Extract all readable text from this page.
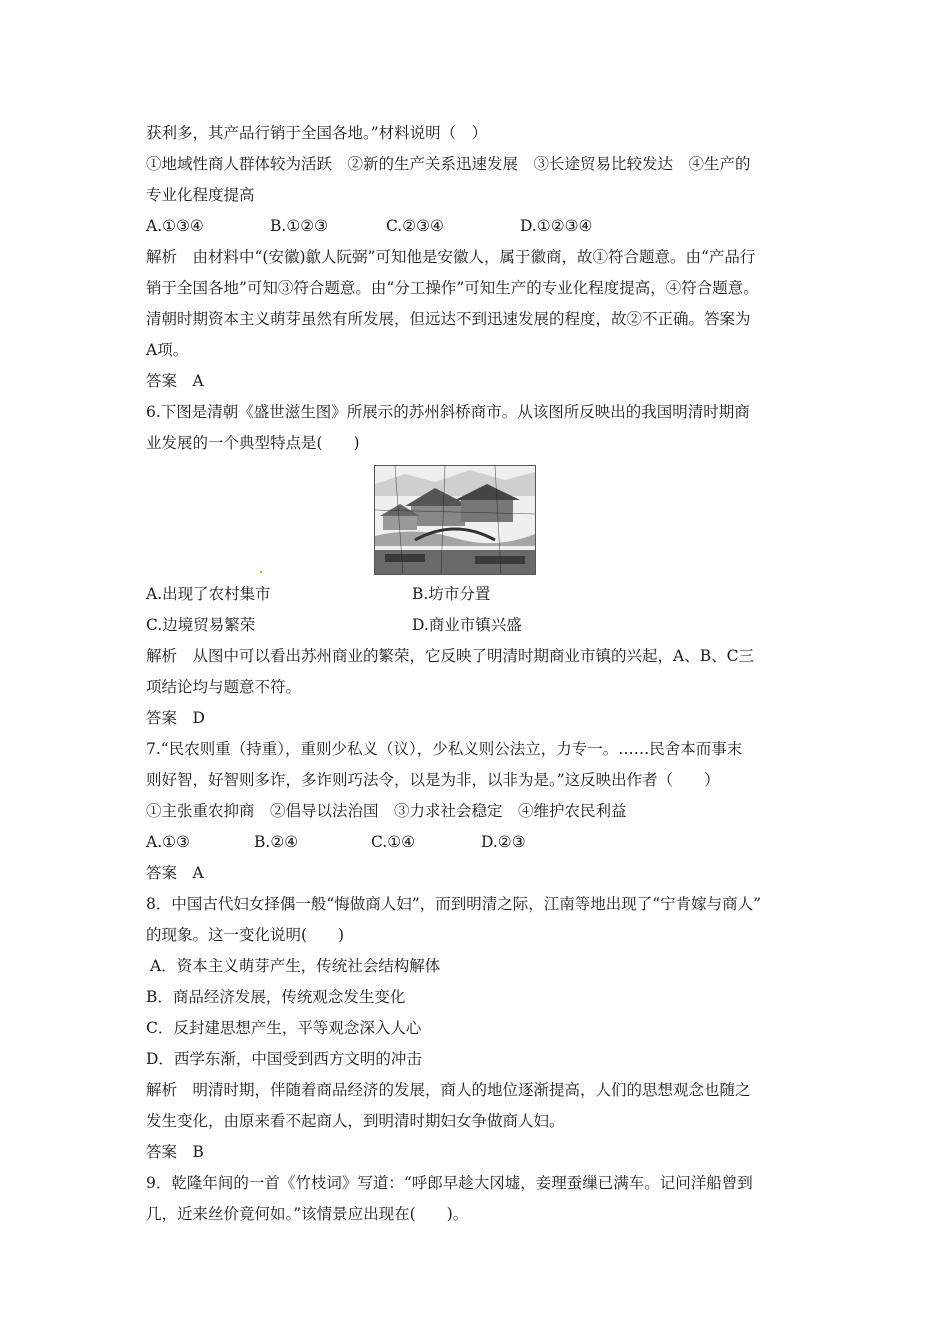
获利多，其产品行销于全国各地。”材料说明（　）
①地域性商人群体较为活跃　②新的生产关系迅速发展　③长途贸易比较发达　④生产的
专业化程度提高
A.①③④	B.①②③	C.②③④	D.①②③④
解析　由材料中“(安徽)歙人阮弼”可知他是安徽人，属于徽商，故①符合题意。由“产品行
销于全国各地”可知③符合题意。由“分工操作”可知生产的专业化程度提高，④符合题意。
清朝时期资本主义萌芽虽然有所发展，但远达不到迅速发展的程度，故②不正确。答案为
A项。
答案　A
6.下图是清朝《盛世滋生图》所展示的苏州斜桥商市。从该图所反映出的我国明清时期商
业发展的一个典型特点是(　　)
A.出现了农村集市	B.坊市分置
C.边境贸易繁荣	D.商业市镇兴盛
解析　从图中可以看出苏州商业的繁荣，它反映了明清时期商业市镇的兴起，A、B、C三
项结论均与题意不符。
答案　D
7.“民农则重（持重），重则少私义（议），少私义则公法立，力专一。……民舍本而事末
则好智，好智则多诈，多诈则巧法令，以是为非，以非为是。”这反映出作者（　　）
①主张重农抑商　②倡导以法治国　③力求社会稳定　④维护农民利益
A.①③	B.②④	C.①④	D.②③
答案　A
8．中国古代妇女择偶一般“悔做商人妇”，而到明清之际，江南等地出现了“宁肯嫁与商人”
的现象。这一变化说明(　　)
A．资本主义萌芽产生，传统社会结构解体
B．商品经济发展，传统观念发生变化
C．反封建思想产生，平等观念深入人心
D．西学东渐，中国受到西方文明的冲击
解析　明清时期，伴随着商品经济的发展，商人的地位逐渐提高，人们的思想观念也随之
发生变化，由原来看不起商人，到明清时期妇女争做商人妇。
答案　B
9．乾隆年间的一首《竹枝词》写道：“呼郎早趁大冈墟，妾理蚕缫已满车。记问洋船曾到
几，近来丝价竟何如。”该情景应出现在(　　)。
